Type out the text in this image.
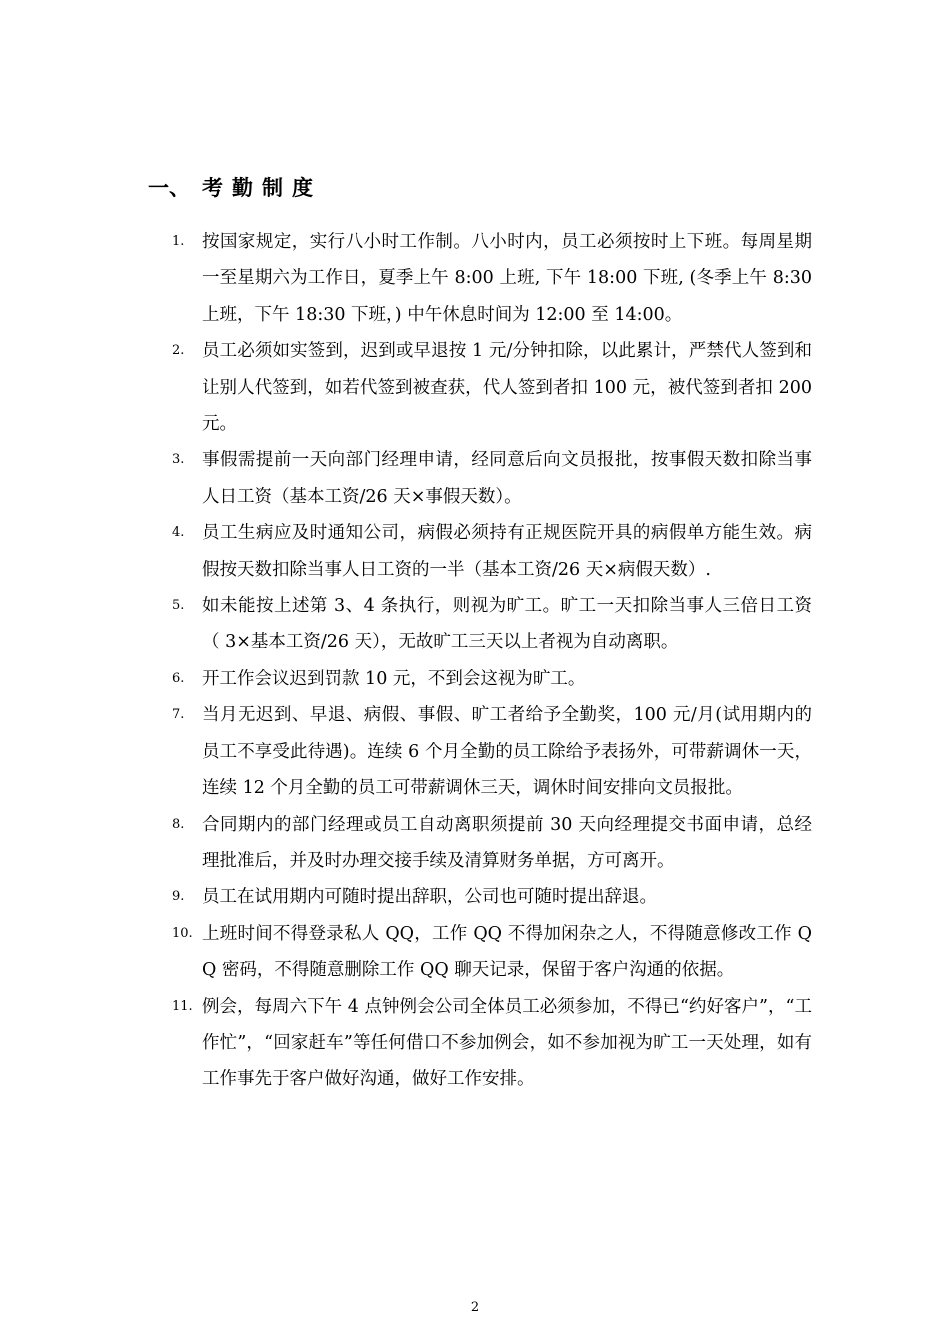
一、 考勤制度
1.	按国家规定，实行八小时工作制。八小时内，员工必须按时上下班。每周星期一至星期六为工作日，夏季上午 8:00 上班, 下午 18:00 下班, (冬季上午 8:30 上班，下午 18:30 下班，) 中午休息时间为 12:00 至 14:00。
2.	员工必须如实签到，迟到或早退按 1 元/分钟扣除，以此累计，严禁代人签到和让别人代签到，如若代签到被查获，代人签到者扣 100 元，被代签到者扣 200 元。
3.	事假需提前一天向部门经理申请，经同意后向文员报批，按事假天数扣除当事人日工资（基本工资/26 天×事假天数）。
4.	员工生病应及时通知公司，病假必须持有正规医院开具的病假单方能生效。病假按天数扣除当事人日工资的一半（基本工资/26 天×病假天数）.
5.	如未能按上述第 3、4 条执行，则视为旷工。旷工一天扣除当事人三倍日工资（ 3×基本工资/26 天），无故旷工三天以上者视为自动离职。
6.	开工作会议迟到罚款 10 元，不到会这视为旷工。
7.	当月无迟到、早退、病假、事假、旷工者给予全勤奖，100 元/月(试用期内的员工不享受此待遇)。连续 6 个月全勤的员工除给予表扬外，可带薪调休一天，连续 12 个月全勤的员工可带薪调休三天，调休时间安排向文员报批。
8.	合同期内的部门经理或员工自动离职须提前 30 天向经理提交书面申请，总经理批准后，并及时办理交接手续及清算财务单据，方可离开。
9.	员工在试用期内可随时提出辞职，公司也可随时提出辞退。
10. 上班时间不得登录私人 QQ，工作 QQ 不得加闲杂之人，不得随意修改工作 QQ 密码，不得随意删除工作 QQ 聊天记录，保留于客户沟通的依据。
11. 例会，每周六下午 4 点钟例会公司全体员工必须参加，不得已“约好客户”，“工作忙”，“回家赶车”等任何借口不参加例会，如不参加视为旷工一天处理，如有工作事先于客户做好沟通，做好工作安排。
2
